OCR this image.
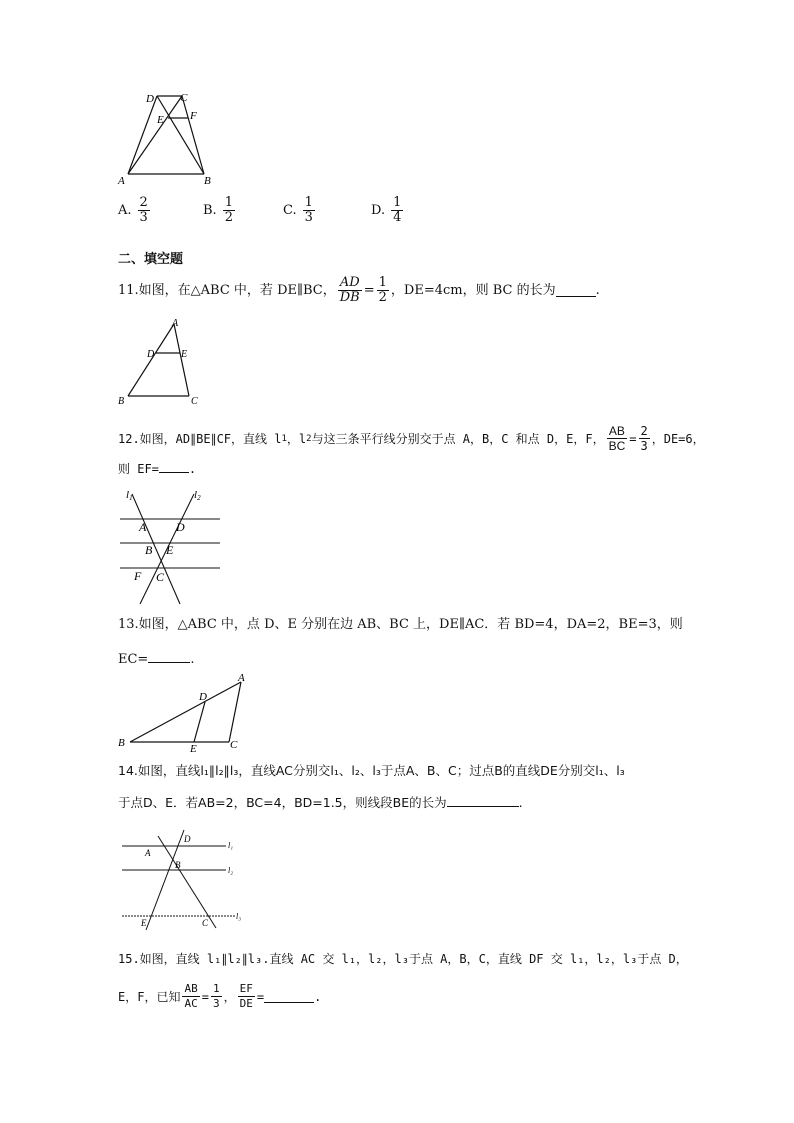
D C
E F
A	B
A. $\frac{2}{3}$	B. $\frac{1}{2}$	C. $\frac{1}{3}$	D. $\frac{1}{4}$
二、填空题
11.如图，在△ABC 中，若 DE∥BC， $\frac{AD}{DB} = \frac{1}{2}$ ，DE=4cm，则 BC 的长为	.
A
D	E
B	C
12.如图，AD∥BE∥CF，直线 l 1 ，l 2 与这三条平行线分别交于点 A，B，C 和点 D，E，F， $\frac{AB}{BC} = \frac{2}{3}$ ，DE=6，
则 EF=	.
l1	l2
A D
B E
F C
13.如图，△ABC 中，点 D、E 分别在边 AB、BC 上，DE∥AC．若 BD=4，DA=2，BE=3，则
EC=	.
A
D
B	E	C
14.如图，直线l₁∥l₂∥l₃，直线AC分别交l₁、l₂、l₃于点A、B、C；过点B的直线DE分别交l₁、l₃
于点D、E．若AB=2，BC=4，BD=1.5，则线段BE的长为	.
D
A
B
E	C
l₁
l₂
l₃
15.如图，直线 l₁∥l₂∥l₃.直线 AC 交 l₁，l₂，l₃于点 A，B，C，直线 DF 交 l₁，l₂，l₃于点 D，
E，F，已知 $\frac{AB}{AC} = \frac{1}{3}$ ， $\frac{EF}{DE}$ =	.
